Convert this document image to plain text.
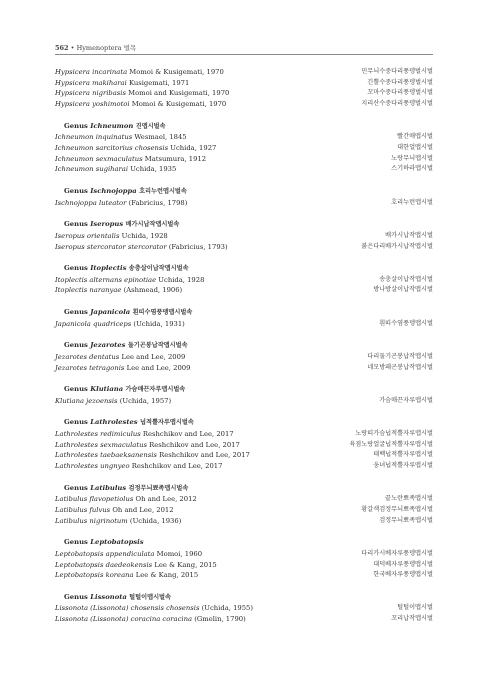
562 • Hymenoptera 벌목
Hypsicera incarinata Momoi & Kusigemati, 1970	민무늬수중다리풍뎅벌시벌
Hypsicera makiharai Kusigemati, 1971	긴뿔수중다리풍뎅벌시벌
Hypsicera nigribasis Momoi and Kusigemati, 1970	꼬마수중다리풍뎅벌시벌
Hypsicera yoshimotoi Momoi & Kusigemati, 1970	지리산수중다리풍뎅벌시벌
Genus Ichneumon 진맵시벌속
Ichneumon inquinatus Wesmael, 1845	빨간매맵시벌
Ichneumon sarcitorius chosensis Uchida, 1927	대한얼맵시벌
Ichneumon sexmaculatus Matsumura, 1912	노랑무늬맵시벌
Ichneumon sugiharai Uchida, 1935	스기하라맵시벌
Genus Ischnojoppa 호리누런맵시벌속
Ischnojoppa luteator (Fabricius, 1798)	호리누런맵시벌
Genus Iseropus 배가시납작맵시벌속
Iseropus orientalis Uchida, 1928	배가시납작맵시벌
Iseropus stercorator stercorator (Fabricius, 1793)	붉은다리배가시납작맵시벌
Genus Itoplectis 송충살이납작맵시벌속
Itoplectis alternans epinotiae Uchida, 1928	송충살이납작맵시벌
Itoplectis naranyae (Ashmead, 1906)	방나방살이납작맵시벌
Genus Japanicola 흰띠수염풍뎅맵시벌속
Japanicola quadriceps (Uchida, 1931)	흰띠수염풍뎅맵시벌
Genus Jezarotes 둘기곤봉납작맵시벌속
Jezarotes dentatus Lee and Lee, 2009	다리둘기곤봉납작맵시벌
Jezarotes tetragonis Lee and Lee, 2009	네모방패곤봉납작맵시벌
Genus Klutiana 가슴매끈자루맵시벌속
Klutiana jezoensis (Uchida, 1957)	가슴매끈자루맵시벌
Genus Lathrolestes 넙적뿔자루맵시벌속
Lathrolestes redimiculus Reshchikov and Lee, 2017	노랑띠가슴넙적뿔자루맵시벌
Lathrolestes sexmaculatus Reshchikov and Lee, 2017	육점노랑얼굴넙적뿔자루맵시벌
Lathrolestes taebaeksanensis Reshchikov and Lee, 2017	태백넙적뿔자루맵시벌
Lathrolestes ungnyeo Reshchikov and Lee, 2017	웅녀넙적뿔자루맵시벌
Genus Latibulus 검정무늬뾰족맵시벌속
Latibulus flavopetiolus Oh and Lee, 2012	끝노란뾰족맵시벌
Latibulus fulvus Oh and Lee, 2012	황갈색검정무늬뾰족맵시벌
Latibulus nigrinotum (Uchida, 1936)	검정무늬뾰족맵시벌
Genus Leptobatopsis
Leptobatopsis appendiculata Momoi, 1960	다리가시베자루풍뎅맵시벌
Leptobatopsis daedeokensis Lee & Kang, 2015	대덕베자루풍뎅맵시벌
Leptobatopsis koreana Lee & Kang, 2015	한국베자루풍뎅맵시벌
Genus Lissonota 털털이맵시벌속
Lissonota (Lissonota) chosensis chosensis (Uchida, 1955)	털털이맵시벌
Lissonota (Lissonota) coracina coracina (Gmelin, 1790)	꼬리납작맵시벌
